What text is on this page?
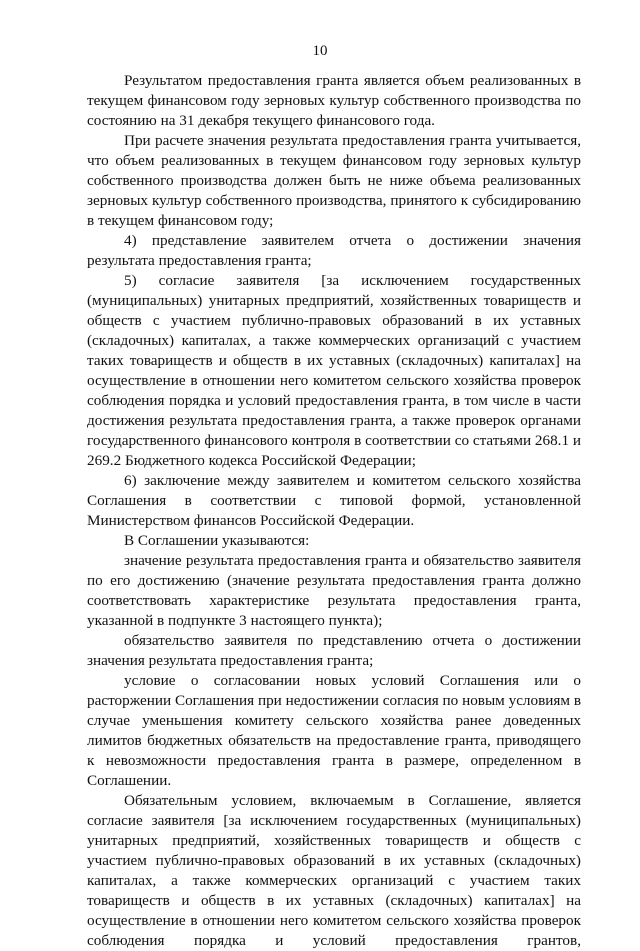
10

Результатом предоставления гранта является объем реализованных в текущем финансовом году зерновых культур собственного производства по состоянию на 31 декабря текущего финансового года.

При расчете значения результата предоставления гранта учитывается, что объем реализованных в текущем финансовом году зерновых культур собственного производства должен быть не ниже объема реализованных зерновых культур собственного производства, принятого к субсидированию в текущем финансовом году;

4) представление заявителем отчета о достижении значения результата предоставления гранта;

5) согласие заявителя [за исключением государственных (муниципальных) унитарных предприятий, хозяйственных товариществ и обществ с участием публично-правовых образований в их уставных (складочных) капиталах, а также коммерческих организаций с участием таких товариществ и обществ в их уставных (складочных) капиталах] на осуществление в отношении него комитетом сельского хозяйства проверок соблюдения порядка и условий предоставления гранта, в том числе в части достижения результата предоставления гранта, а также проверок органами государственного финансового контроля в соответствии со статьями 268.1 и 269.2 Бюджетного кодекса Российской Федерации;

6) заключение между заявителем и комитетом сельского хозяйства Соглашения в соответствии с типовой формой, установленной Министерством финансов Российской Федерации.

В Соглашении указываются:

значение результата предоставления гранта и обязательство заявителя по его достижению (значение результата предоставления гранта должно соответствовать характеристике результата предоставления гранта, указанной в подпункте 3 настоящего пункта);

обязательство заявителя по представлению отчета о достижении значения результата предоставления гранта;

условие о согласовании новых условий Соглашения или о расторжении Соглашения при недостижении согласия по новым условиям в случае уменьшения комитету сельского хозяйства ранее доведенных лимитов бюджетных обязательств на предоставление гранта, приводящего к невозможности предоставления гранта в размере, определенном в Соглашении.

Обязательным условием, включаемым в Соглашение, является согласие заявителя [за исключением государственных (муниципальных) унитарных предприятий, хозяйственных товариществ и обществ с участием публично-правовых образований в их уставных (складочных) капиталах, а также коммерческих организаций с участием таких товариществ и обществ в их уставных (складочных) капиталах] на осуществление в отношении него комитетом сельского хозяйства проверок соблюдения порядка и условий предоставления грантов,
